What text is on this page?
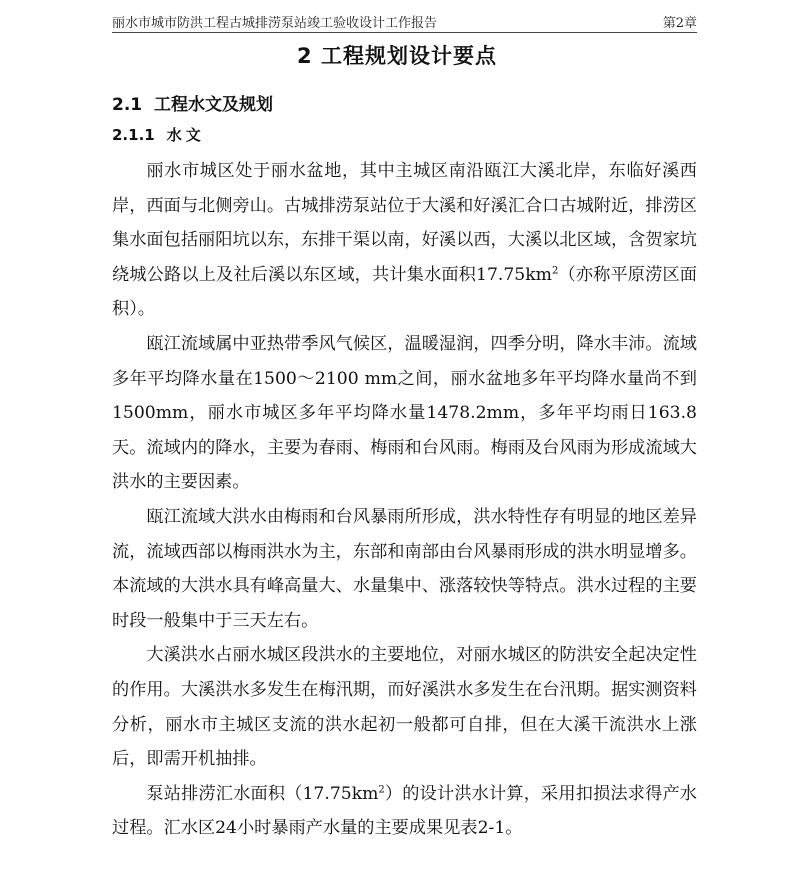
丽水市城市防洪工程古城排涝泵站竣工验收设计工作报告	第2章
2 工程规划设计要点
2.1 工程水文及规划
2.1.1 水文

丽水市城区处于丽水盆地，其中主城区南沿瓯江大溪北岸，东临好溪西岸，西面与北侧旁山。古城排涝泵站位于大溪和好溪汇合口古城附近，排涝区集水面包括丽阳坑以东，东排干渠以南，好溪以西，大溪以北区域，含贺家坑绕城公路以上及社后溪以东区域，共计集水面积$17.75km^2$（亦称平原涝区面积）。

瓯江流域属中亚热带季风气候区，温暖湿润，四季分明，降水丰沛。流域多年平均降水量在1500～2100 mm之间，丽水盆地多年平均降水量尚不到1500mm，丽水市城区多年平均降水量1478.2mm，多年平均雨日163.8天。流域内的降水，主要为春雨、梅雨和台风雨。梅雨及台风雨为形成流域大洪水的主要因素。

瓯江流域大洪水由梅雨和台风暴雨所形成，洪水特性存有明显的地区差异流，流域西部以梅雨洪水为主，东部和南部由台风暴雨形成的洪水明显增多。本流域的大洪水具有峰高量大、水量集中、涨落较快等特点。洪水过程的主要时段一般集中于三天左右。

大溪洪水占丽水城区段洪水的主要地位，对丽水城区的防洪安全起决定性的作用。大溪洪水多发生在梅汛期，而好溪洪水多发生在台汛期。据实测资料分析，丽水市主城区支流的洪水起初一般都可自排，但在大溪干流洪水上涨后，即需开机抽排。

泵站排涝汇水面积$(17.75km^2)$的设计洪水计算，采用扣损法求得产水过程。汇水区24小时暴雨产水量的主要成果见表2-1。
